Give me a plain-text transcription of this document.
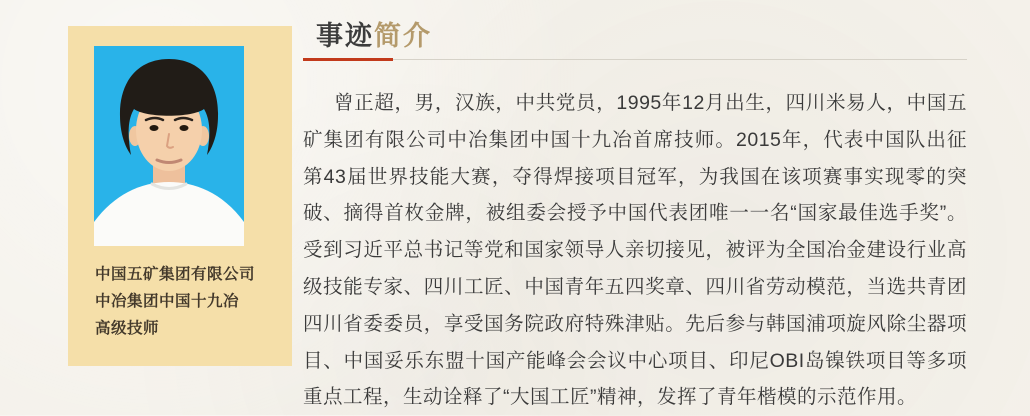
中国五矿集团有限公司
中冶集团中国十九冶
高级技师
事迹简介

曾正超，男，汉族，中共党员，1995年12月出生，四川米易人，中国五矿集团有限公司中冶集团中国十九冶首席技师。2015年，代表中国队出征第43届世界技能大赛，夺得焊接项目冠军，为我国在该项赛事实现零的突破、摘得首枚金牌，被组委会授予中国代表团唯一一名“国家最佳选手奖”。受到习近平总书记等党和国家领导人亲切接见，被评为全国冶金建设行业高级技能专家、四川工匠、中国青年五四奖章、四川省劳动模范，当选共青团四川省委委员，享受国务院政府特殊津贴。先后参与韩国浦项旋风除尘器项目、中国妥乐东盟十国产能峰会会议中心项目、印尼OBI岛镍铁项目等多项重点工程，生动诠释了“大国工匠”精神，发挥了青年楷模的示范作用。
